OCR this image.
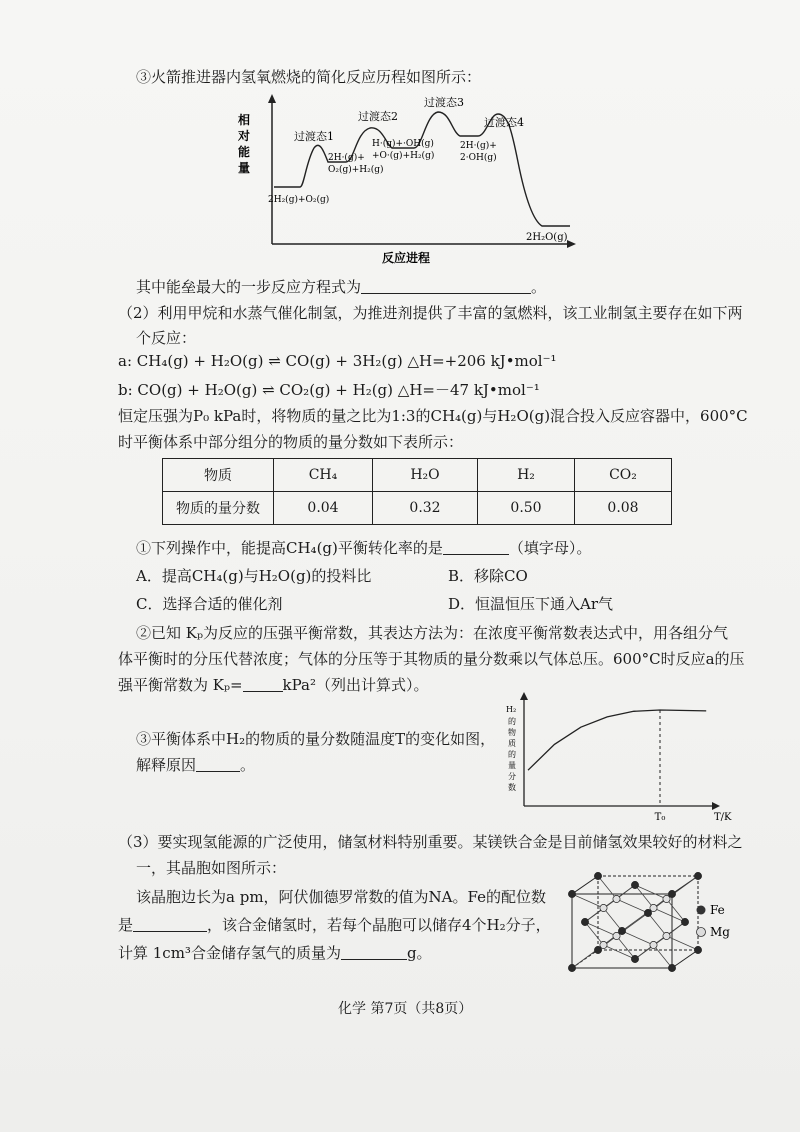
③火箭推进器内氢氧燃烧的简化反应历程如图所示：
相
对
能
量
反应进程
过渡态1
过渡态2
过渡态3
过渡态4
2H₂(g)+O₂(g)
2H·(g)+
O₂(g)+H₂(g)
H·(g)+·OH(g)
+O·(g)+H₂(g)
2H·(g)+
2·OH(g)
2H₂O(g)
其中能垒最大的一步反应方程式为	。
（2）利用甲烷和水蒸气催化制氢，为推进剂提供了丰富的氢燃料，该工业制氢主要存在如下两
个反应：
a: CH₄(g) + H₂O(g) ⇌ CO(g) + 3H₂(g) △H=+206 kJ•mol⁻¹
b: CO(g) + H₂O(g) ⇌ CO₂(g) + H₂(g) △H=－47 kJ•mol⁻¹
恒定压强为P₀ kPa时，将物质的量之比为1:3的CH₄(g)与H₂O(g)混合投入反应容器中，600°C
时平衡体系中部分组分的物质的量分数如下表所示：
物质	CH₄	H₂O	H₂	CO₂
物质的量分数	0.04	0.32	0.50	0.08
①下列操作中，能提高CH₄(g)平衡转化率的是	（填字母）。
A．提高CH₄(g)与H₂O(g)的投料比	B．移除CO
C．选择合适的催化剂	D．恒温恒压下通入Ar气
②已知 Kₚ为反应的压强平衡常数，其表达方法为：在浓度平衡常数表达式中，用各组分气
体平衡时的分压代替浓度；气体的分压等于其物质的量分数乘以气体总压。600°C时反应a的压
强平衡常数为 Kₚ=	kPa²（列出计算式）。
③平衡体系中H₂的物质的量分数随温度T的变化如图，
解释原因	。
T₀	T/K
H₂
的
物
质
的
量
分
数
（3）要实现氢能源的广泛使用，储氢材料特别重要。某镁铁合金是目前储氢效果较好的材料之
一，其晶胞如图所示：
该晶胞边长为a pm，阿伏伽德罗常数的值为NA。Fe的配位数
是	，该合金储氢时，若每个晶胞可以储存4个H₂分子，
计算 1cm³合金储存氢气的质量为	g。
Fe
Mg
化学 第7页（共8页）
